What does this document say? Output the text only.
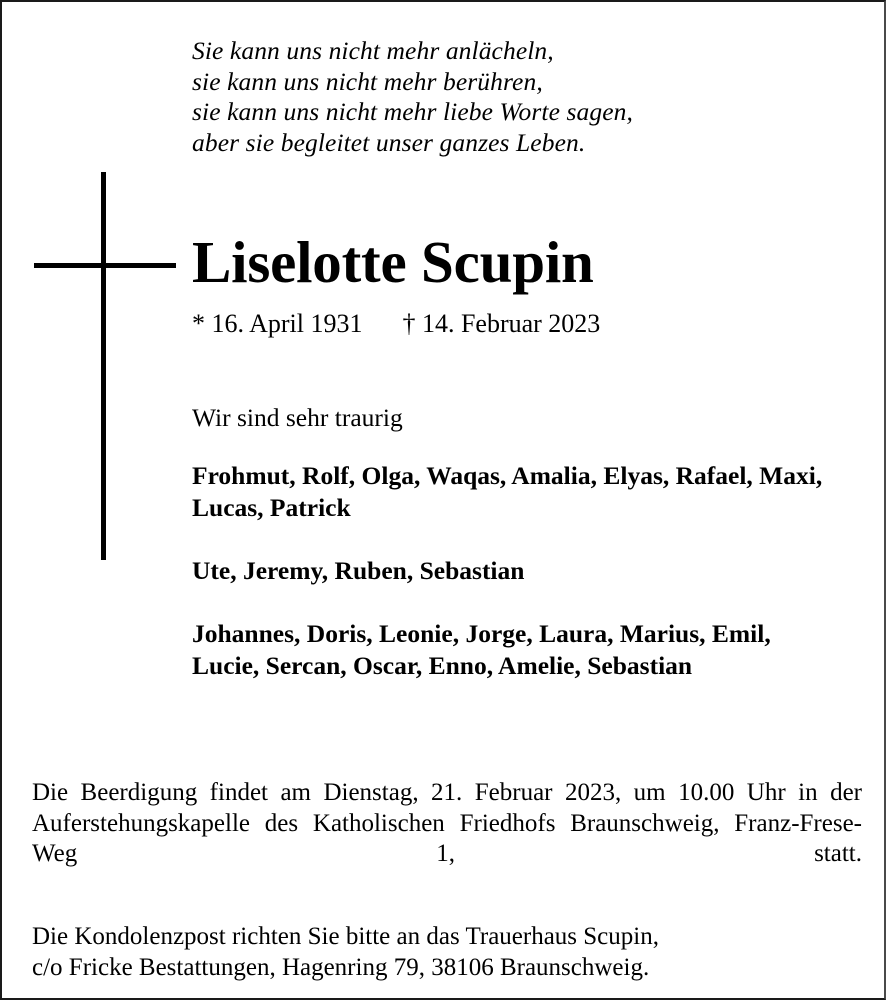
Sie kann uns nicht mehr anlächeln,
sie kann uns nicht mehr berühren,
sie kann uns nicht mehr liebe Worte sagen,
aber sie begleitet unser ganzes Leben.
Liselotte Scupin
* 16. April 1931 † 14. Februar 2023
Wir sind sehr traurig
Frohmut, Rolf, Olga, Waqas, Amalia, Elyas, Rafael, Maxi, Lucas, Patrick
Ute, Jeremy, Ruben, Sebastian
Johannes, Doris, Leonie, Jorge, Laura, Marius, Emil, Lucie, Sercan, Oscar, Enno, Amelie, Sebastian

Die Beerdigung findet am Dienstag, 21. Februar 2023, um 10.00 Uhr in der Auferstehungskapelle des Katholischen Friedhofs Braunschweig, Franz-Frese-Weg 1, statt.

Die Kondolenzpost richten Sie bitte an das Trauerhaus Scupin,
c/o Fricke Bestattungen, Hagenring 79, 38106 Braunschweig.
